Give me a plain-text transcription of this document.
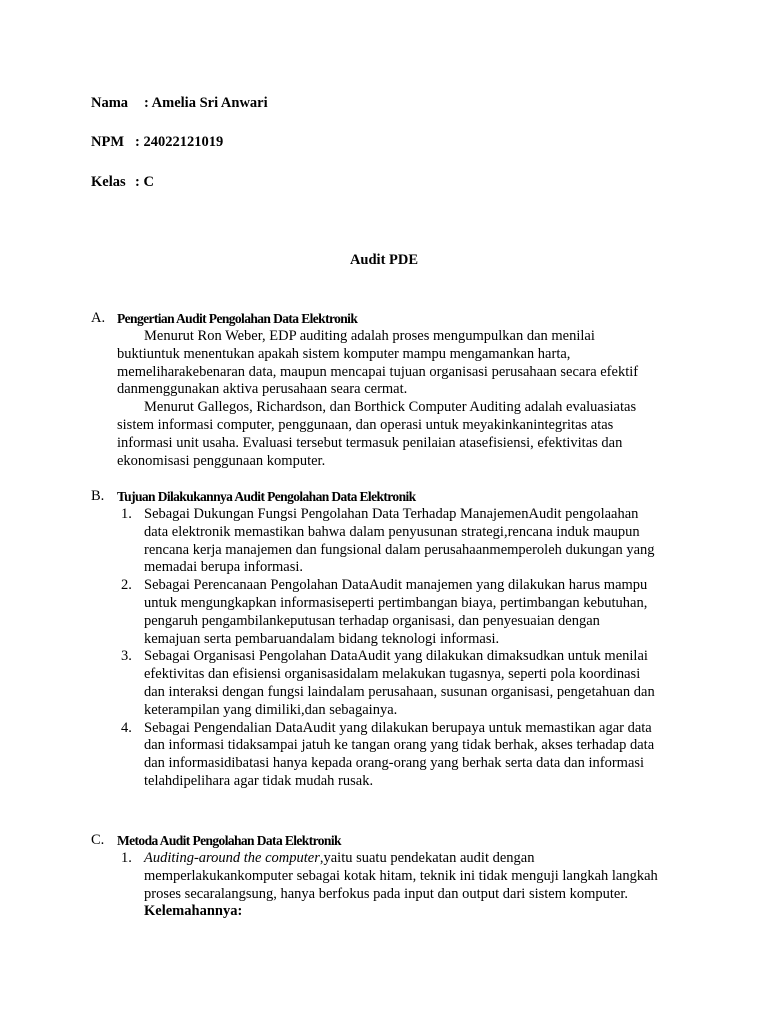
Nama : Amelia Sri Anwari
NPM : 24022121019
Kelas : C
Audit PDE
A. Pengertian Audit Pengolahan Data Elektronik
Menurut Ron Weber, EDP auditing adalah proses mengumpulkan dan menilai
buktiuntuk menentukan apakah sistem komputer mampu mengamankan harta,
memeliharakebenaran data, maupun mencapai tujuan organisasi perusahaan secara efektif
danmenggunakan aktiva perusahaan seara cermat.
Menurut Gallegos, Richardson, dan Borthick Computer Auditing adalah evaluasiatas
sistem informasi computer, penggunaan, dan operasi untuk meyakinkanintegritas atas
informasi unit usaha. Evaluasi tersebut termasuk penilaian atasefisiensi, efektivitas dan
ekonomisasi penggunaan komputer.
B. Tujuan Dilakukannya Audit Pengolahan Data Elektronik
1. Sebagai Dukungan Fungsi Pengolahan Data Terhadap ManajemenAudit pengolaahan
data elektronik memastikan bahwa dalam penyusunan strategi,rencana induk maupun
rencana kerja manajemen dan fungsional dalam perusahaanmemperoleh dukungan yang
memadai berupa informasi.
2. Sebagai Perencanaan Pengolahan DataAudit manajemen yang dilakukan harus mampu
untuk mengungkapkan informasiseperti pertimbangan biaya, pertimbangan kebutuhan,
pengaruh pengambilankeputusan terhadap organisasi, dan penyesuaian dengan
kemajuan serta pembaruandalam bidang teknologi informasi.
3. Sebagai Organisasi Pengolahan DataAudit yang dilakukan dimaksudkan untuk menilai
efektivitas dan efisiensi organisasidalam melakukan tugasnya, seperti pola koordinasi
dan interaksi dengan fungsi laindalam perusahaan, susunan organisasi, pengetahuan dan
keterampilan yang dimiliki,dan sebagainya.
4. Sebagai Pengendalian DataAudit yang dilakukan berupaya untuk memastikan agar data
dan informasi tidaksampai jatuh ke tangan orang yang tidak berhak, akses terhadap data
dan informasidibatasi hanya kepada orang-orang yang berhak serta data dan informasi
telahdipelihara agar tidak mudah rusak.
C. Metoda Audit Pengolahan Data Elektronik
1. Auditing-around the computer,yaitu suatu pendekatan audit dengan
memperlakukankomputer sebagai kotak hitam, teknik ini tidak menguji langkah langkah
proses secaralangsung, hanya berfokus pada input dan output dari sistem komputer.
Kelemahannya:
